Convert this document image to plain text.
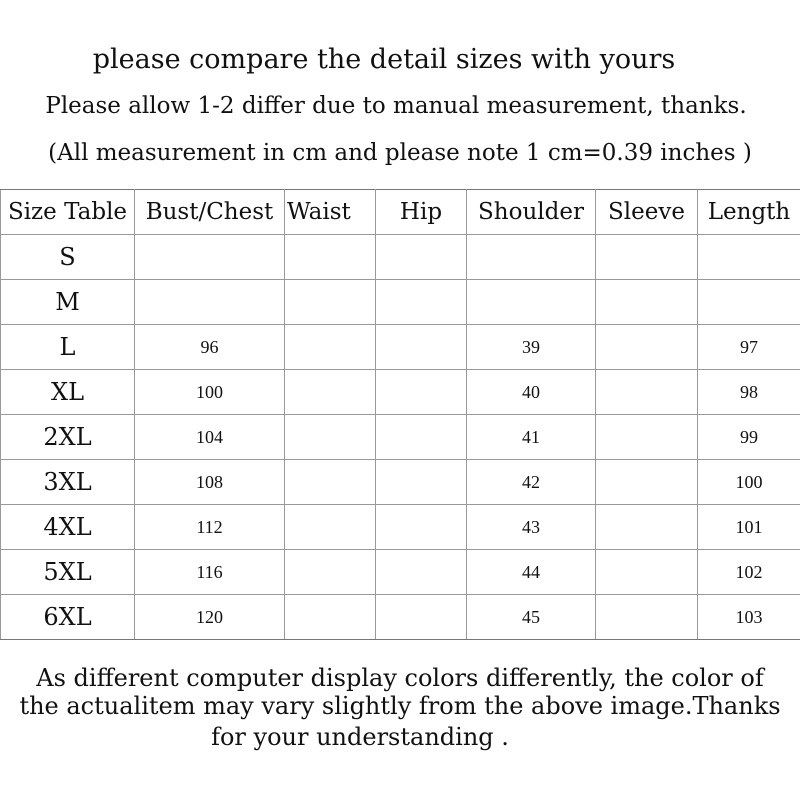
please compare the detail sizes with yours
Please allow 1-2 differ due to manual measurement, thanks.
(All measurement in cm and please note 1 cm=0.39 inches )
Size Table	Bust/Chest	Waist	Hip	Shoulder	Sleeve	Length
S						
M						
L	96			39		97
XL	100			40		98
2XL	104			41		99
3XL	108			42		100
4XL	112			43		101
5XL	116			44		102
6XL	120			45		103
As different computer display colors differently, the color of
the actualitem may vary slightly from the above image.Thanks
for your understanding .
